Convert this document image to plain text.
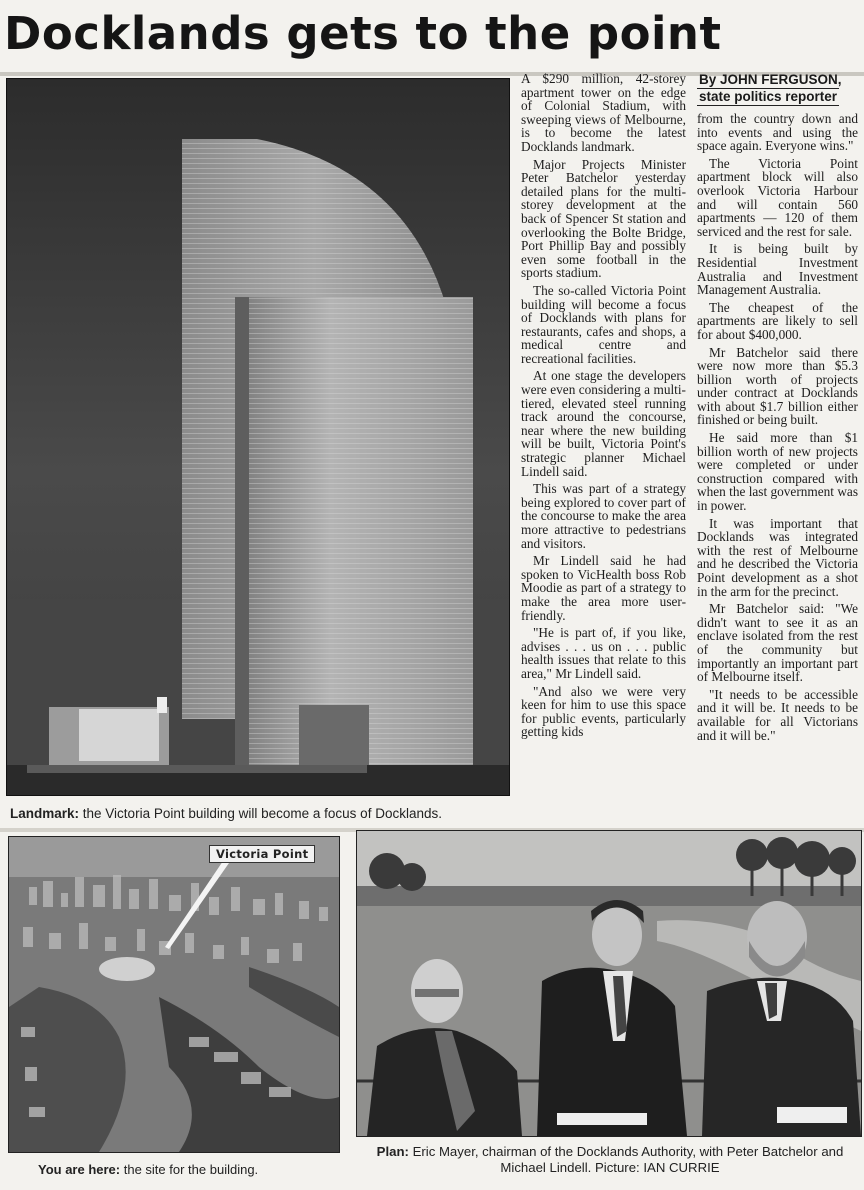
Docklands gets to the point
Landmark: the Victoria Point building will become a focus of Docklands.

A $290 million, 42-storey apartment tower on the edge of Colonial Stadium, with sweeping views of Melbourne, is to become the latest Docklands landmark.

Major Projects Minister Peter Batchelor yesterday detailed plans for the multi-storey development at the back of Spencer St station and overlooking the Bolte Bridge, Port Phillip Bay and possibly even some football in the sports stadium.

The so-called Victoria Point building will become a focus of Docklands with plans for restaurants, cafes and shops, a medical centre and recreational facilities.

At one stage the developers were even considering a multi-tiered, elevated steel running track around the concourse, near where the new building will be built, Victoria Point's strategic planner Michael Lindell said.

This was part of a strategy being explored to cover part of the concourse to make the area more attractive to pedestrians and visitors.

Mr Lindell said he had spoken to VicHealth boss Rob Moodie as part of a strategy to make the area more user-friendly.

"He is part of, if you like, advises . . . us on . . . public health issues that relate to this area," Mr Lindell said.

"And also we were very keen for him to use this space for public events, particularly getting kids

By JOHN FERGUSON,
state politics reporter

from the country down and into events and using the space again. Everyone wins."

The Victoria Point apartment block will also overlook Victoria Harbour and will contain 560 apartments — 120 of them serviced and the rest for sale.

It is being built by Residential Investment Australia and Investment Management Australia.

The cheapest of the apartments are likely to sell for about $400,000.

Mr Batchelor said there were now more than $5.3 billion worth of projects under contract at Docklands with about $1.7 billion either finished or being built.

He said more than $1 billion worth of new projects were completed or under construction compared with when the last government was in power.

It was important that Docklands was integrated with the rest of Melbourne and he described the Victoria Point development as a shot in the arm for the precinct.

Mr Batchelor said: "We didn't want to see it as an enclave isolated from the rest of the community but importantly an important part of Melbourne itself.

"It needs to be accessible and it will be. It needs to be available for all Victorians and it will be."

Victoria Point
You are here: the site for the building.
Plan: Eric Mayer, chairman of the Docklands Authority, with Peter Batchelor and Michael Lindell. Picture: IAN CURRIE
